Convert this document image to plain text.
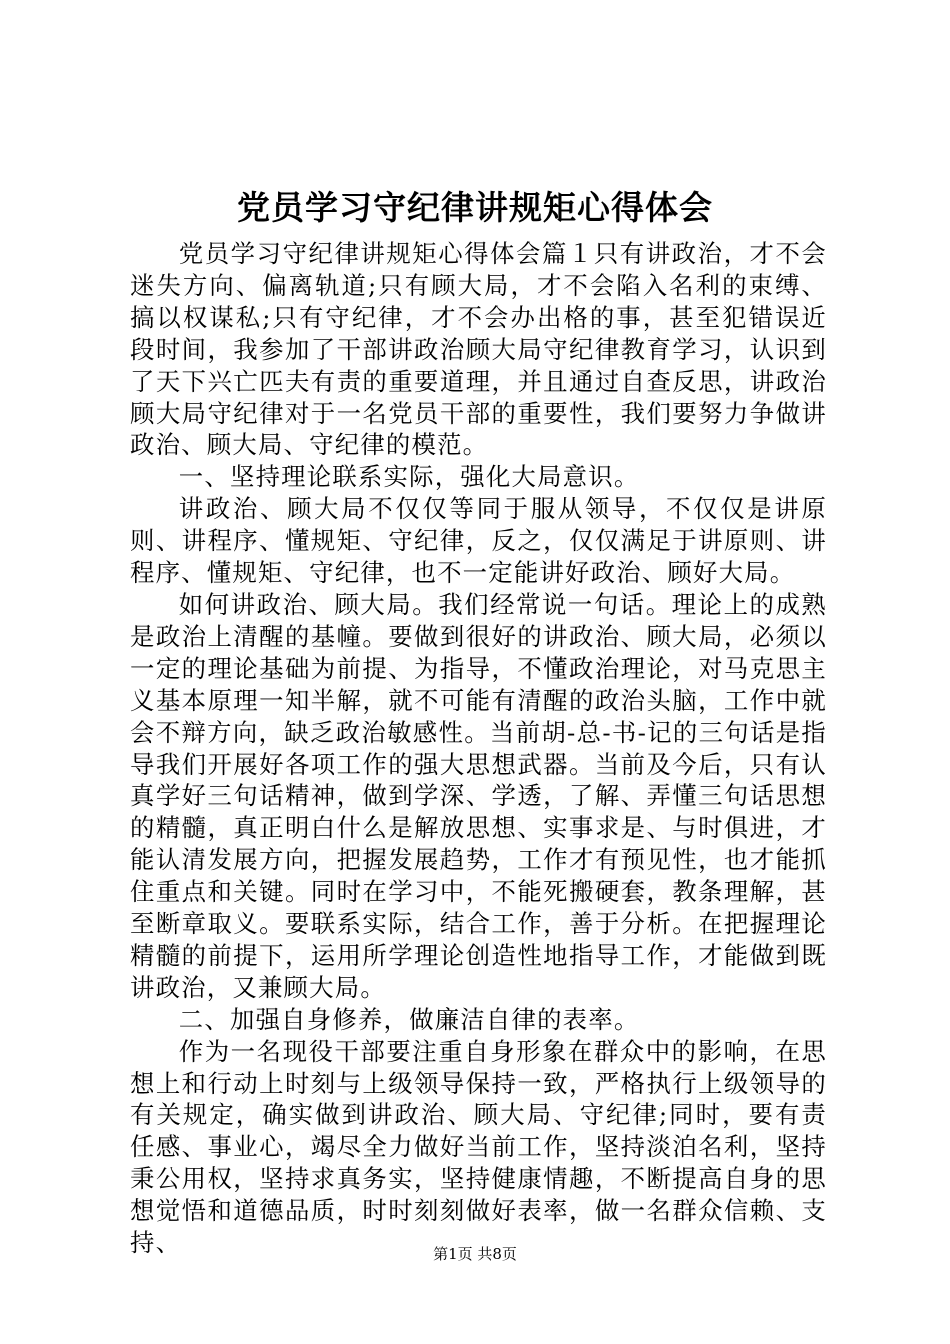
党员学习守纪律讲规矩心得体会

党员学习守纪律讲规矩心得体会篇１只有讲政治，才不会迷失方向、偏离轨道;只有顾大局，才不会陷入名利的束缚、搞以权谋私;只有守纪律，才不会办出格的事，甚至犯错误近段时间，我参加了干部讲政治顾大局守纪律教育学习，认识到了天下兴亡匹夫有责的重要道理，并且通过自查反思，讲政治顾大局守纪律对于一名党员干部的重要性，我们要努力争做讲政治、顾大局、守纪律的模范。

一、坚持理论联系实际，强化大局意识。

讲政治、顾大局不仅仅等同于服从领导，不仅仅是讲原则、讲程序、懂规矩、守纪律，反之，仅仅满足于讲原则、讲程序、懂规矩、守纪律，也不一定能讲好政治、顾好大局。

如何讲政治、顾大局。我们经常说一句话。理论上的成熟是政治上清醒的基幢。要做到很好的讲政治、顾大局，必须以一定的理论基础为前提、为指导，不懂政治理论，对马克思主义基本原理一知半解，就不可能有清醒的政治头脑，工作中就会不辩方向，缺乏政治敏感性。当前胡-总-书-记的三句话是指导我们开展好各项工作的强大思想武器。当前及今后，只有认真学好三句话精神，做到学深、学透，了解、弄懂三句话思想的精髓，真正明白什么是解放思想、实事求是、与时俱进，才能认清发展方向，把握发展趋势，工作才有预见性，也才能抓住重点和关键。同时在学习中，不能死搬硬套，教条理解，甚至断章取义。要联系实际，结合工作，善于分析。在把握理论精髓的前提下，运用所学理论创造性地指导工作，才能做到既讲政治，又兼顾大局。

二、加强自身修养，做廉洁自律的表率。

作为一名现役干部要注重自身形象在群众中的影响，在思想上和行动上时刻与上级领导保持一致，严格执行上级领导的有关规定，确实做到讲政治、顾大局、守纪律;同时，要有责任感、事业心，竭尽全力做好当前工作，坚持淡泊名利，坚持秉公用权，坚持求真务实，坚持健康情趣，不断提高自身的思想觉悟和道德品质，时时刻刻做好表率，做一名群众信赖、支持、	第1页 共8页
